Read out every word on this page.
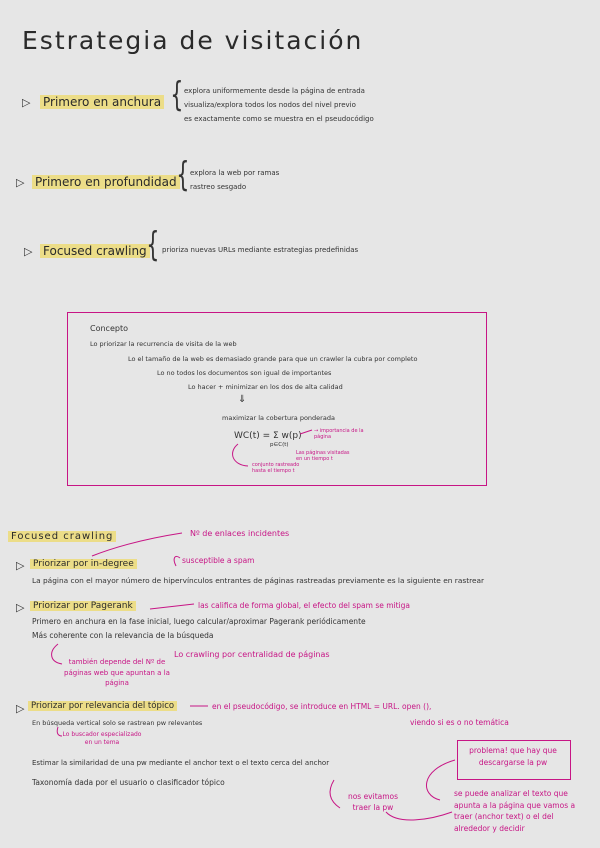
Estrategia de visitación
▷ Primero en anchura { explora uniformemente desde la página de entrada
visualiza/explora todos los nodos del nivel previo
es exactamente como se muestra en el pseudocódigo
▷ Primero en profundidad { explora la web por ramas
rastreo sesgado
▷ Focused crawling { prioriza nuevas URLs mediante estrategias predefinidas
Concepto
Lo priorizar la recurrencia de visita de la web
Lo el tamaño de la web es demasiado grande para que un crawler la cubra por completo
Lo no todos los documentos son igual de importantes
Lo hacer + minimizar en los dos de alta calidad
⇓
maximizar la cobertura ponderada
WC(t) = Σ w(p)
p∈C(t)
→ importancia de la página
Las páginas visitadas en un tiempo t
conjunto rastreado hasta el tiempo t
Focused crawling	Nº de enlaces incidentes
▷ Priorizar por in-degree	susceptible a spam
La página con el mayor número de hipervínculos entrantes de páginas rastreadas previamente es la siguiente en rastrear
▷ Priorizar por Pagerank	las califica de forma global, el efecto del spam se mitiga
Primero en anchura en la fase inicial, luego calcular/aproximar Pagerank periódicamente
Más coherente con la relevancia de la búsqueda
también depende del Nº de páginas web que apuntan a la página
Lo crawling por centralidad de páginas
▷ Priorizar por relevancia del tópico	en el pseudocódigo, se introduce en HTML = URL. open (),
viendo si es o no temática
En búsqueda vertical solo se rastrean pw relevantes
Lo buscador especializado en un tema
Estimar la similaridad de una pw mediante el anchor text o el texto cerca del anchor
Taxonomía dada por el usuario o clasificador tópico
problema! que hay que descargarse la pw
nos evitamos traer la pw
se puede analizar el texto que apunta a la página que vamos a traer (anchor text) o el del alrededor y decidir
